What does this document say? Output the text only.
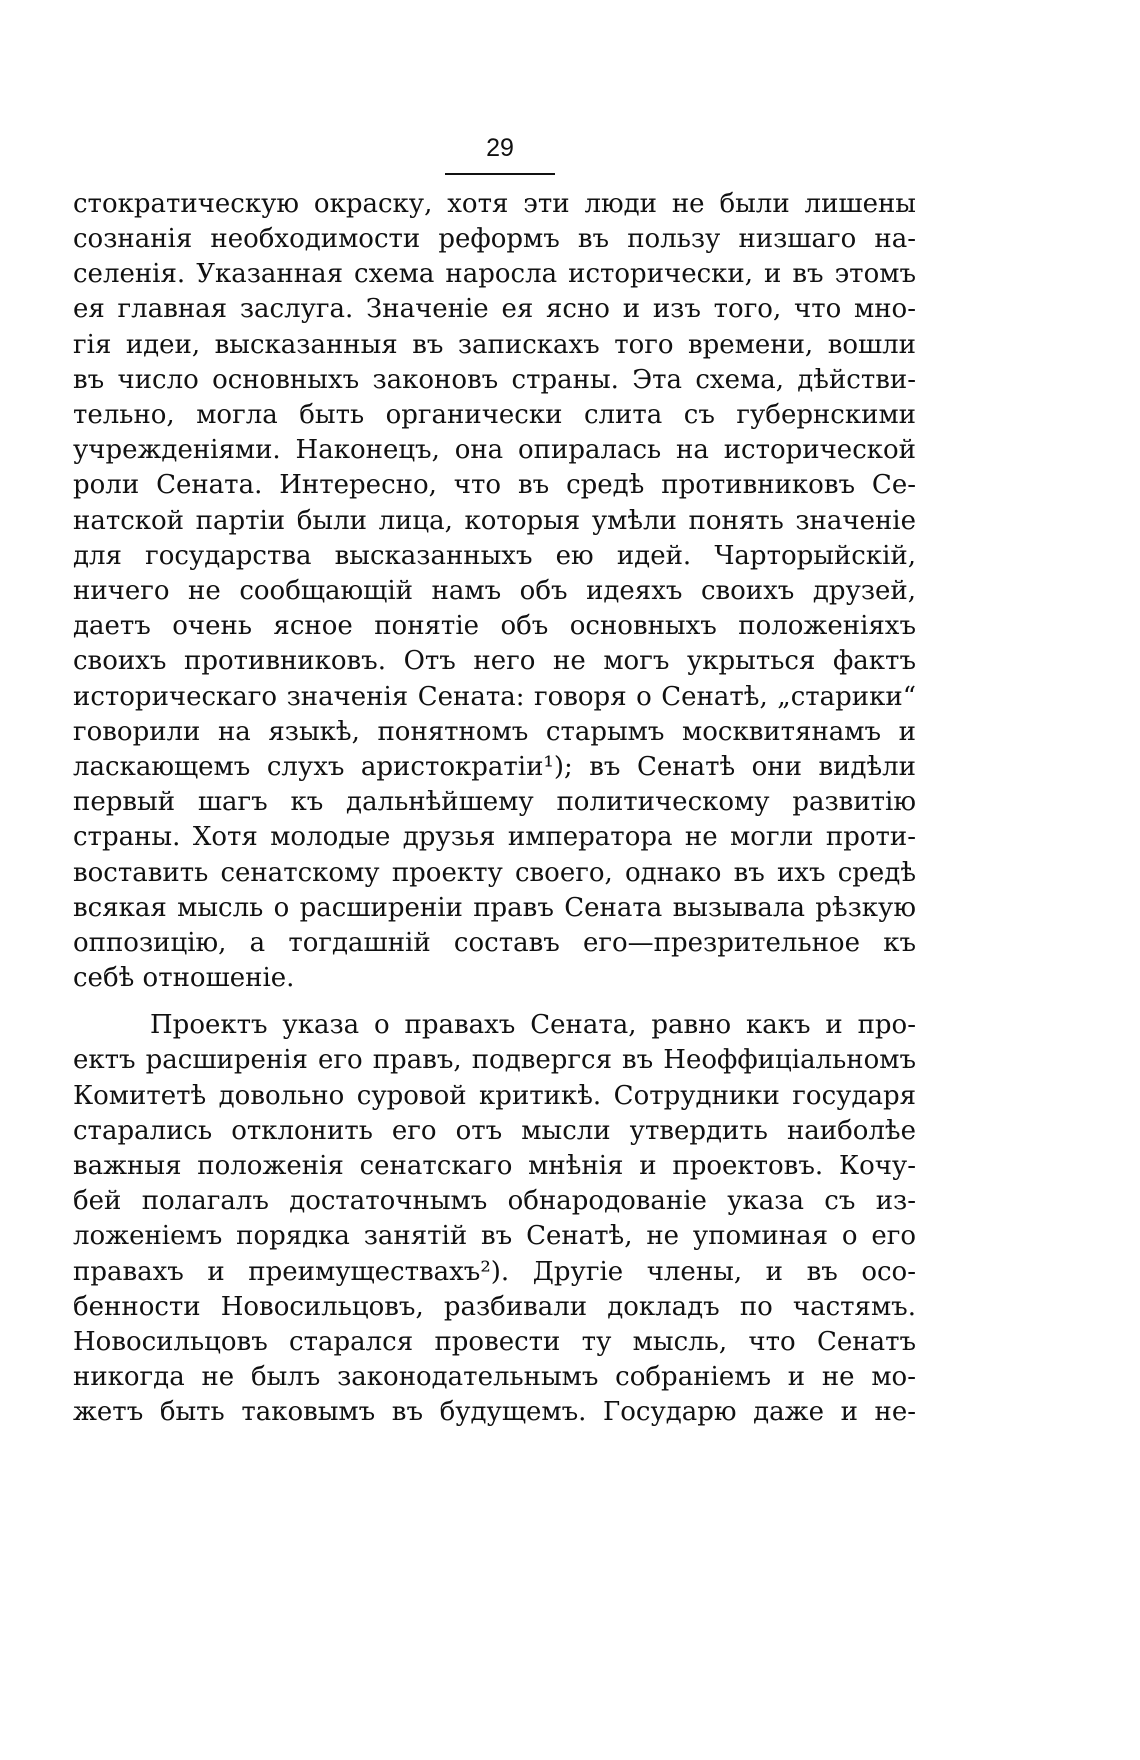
29
стократическую окраску, хотя эти люди не были лишены
сознанія необходимости реформъ въ пользу низшаго на-
селенія. Указанная схема наросла исторически, и въ этомъ
ея главная заслуга. Значеніе ея ясно и изъ того, что мно-
гія идеи, высказанныя въ запискахъ того времени, вошли
въ число основныхъ законовъ страны. Эта схема, дѣйстви-
тельно, могла быть органически слита съ губернскими
учрежденіями. Наконецъ, она опиралась на исторической
роли Сената. Интересно, что въ средѣ противниковъ Се-
натской партіи были лица, которыя умѣли понять значеніе
для государства высказанныхъ ею идей. Чарторыйскій,
ничего не сообщающій намъ объ идеяхъ своихъ друзей,
даетъ очень ясное понятіе объ основныхъ положеніяхъ
своихъ противниковъ. Отъ него не могъ укрыться фактъ
историческаго значенія Сената: говоря о Сенатѣ, „старики“
говорили на языкѣ, понятномъ старымъ москвитянамъ и
ласкающемъ слухъ аристократіи¹); въ Сенатѣ они видѣли
первый шагъ къ дальнѣйшему политическому развитію
страны. Хотя молодые друзья императора не могли проти-
воставить сенатскому проекту своего, однако въ ихъ средѣ
всякая мысль о расширеніи правъ Сената вызывала рѣзкую
оппозицію, а тогдашній составъ его—презрительное къ
себѣ отношеніе.
Проектъ указа о правахъ Сената, равно какъ и про-
ектъ расширенія его правъ, подвергся въ Неоффиціальномъ
Комитетѣ довольно суровой критикѣ. Сотрудники государя
старались отклонить его отъ мысли утвердить наиболѣе
важныя положенія сенатскаго мнѣнія и проектовъ. Кочу-
бей полагалъ достаточнымъ обнародованіе указа съ из-
ложеніемъ порядка занятій въ Сенатѣ, не упоминая о его
правахъ и преимуществахъ²). Другіе члены, и въ осо-
бенности Новосильцовъ, разбивали докладъ по частямъ.
Новосильцовъ старался провести ту мысль, что Сенатъ
никогда не былъ законодательнымъ собраніемъ и не мо-
жетъ быть таковымъ въ будущемъ. Государю даже и не-
